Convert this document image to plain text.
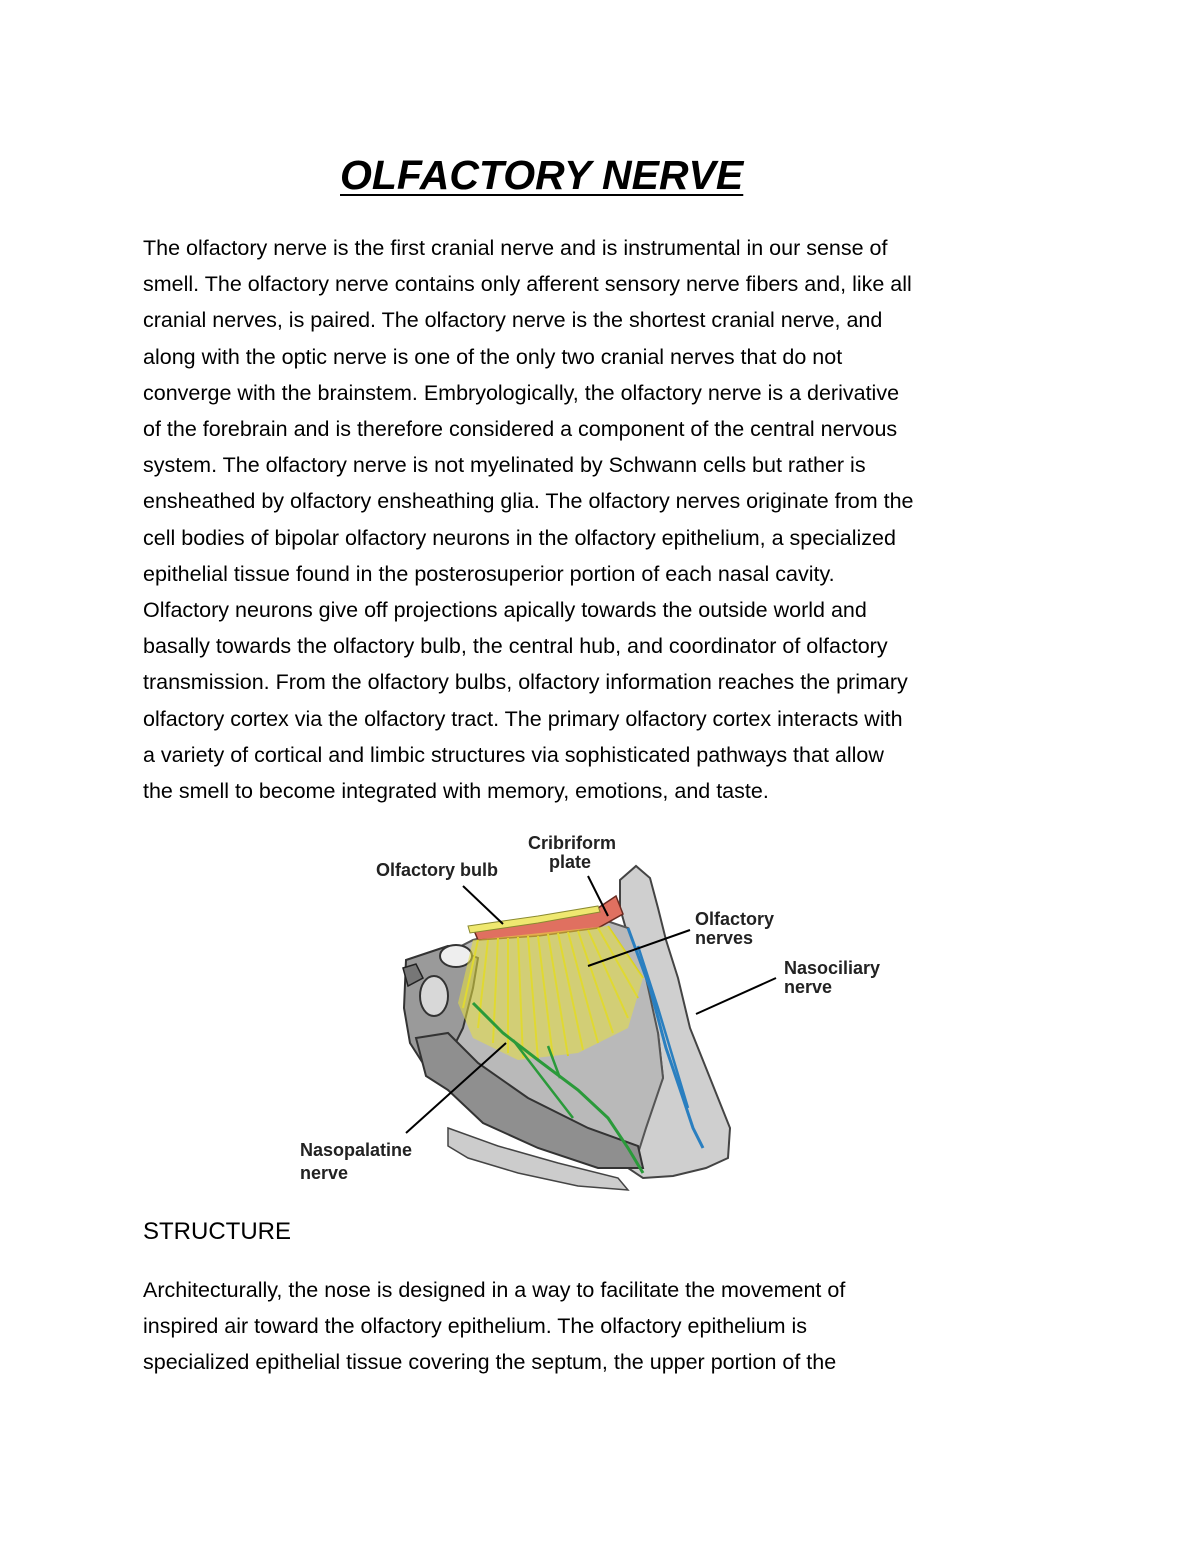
OLFACTORY NERVE
The olfactory nerve is the first cranial nerve and is instrumental in our sense of
smell. The olfactory nerve contains only afferent sensory nerve fibers and, like all
cranial nerves, is paired. The olfactory nerve is the shortest cranial nerve, and
along with the optic nerve is one of the only two cranial nerves that do not
converge with the brainstem. Embryologically, the olfactory nerve is a derivative
of the forebrain and is therefore considered a component of the central nervous
system. The olfactory nerve is not myelinated by Schwann cells but rather is
ensheathed by olfactory ensheathing glia. The olfactory nerves originate from the
cell bodies of bipolar olfactory neurons in the olfactory epithelium, a specialized
epithelial tissue found in the posterosuperior portion of each nasal cavity.
Olfactory neurons give off projections apically towards the outside world and
basally towards the olfactory bulb, the central hub, and coordinator of olfactory
transmission. From the olfactory bulbs, olfactory information reaches the primary
olfactory cortex via the olfactory tract. The primary olfactory cortex interacts with
a variety of cortical and limbic structures via sophisticated pathways that allow
the smell to become integrated with memory, emotions, and taste.
Olfactory bulb
Cribriform
plate
Olfactory
nerves
Nasociliary
nerve
Nasopalatine
nerve
STRUCTURE
Architecturally, the nose is designed in a way to facilitate the movement of
inspired air toward the olfactory epithelium. The olfactory epithelium is
specialized epithelial tissue covering the septum, the upper portion of the
